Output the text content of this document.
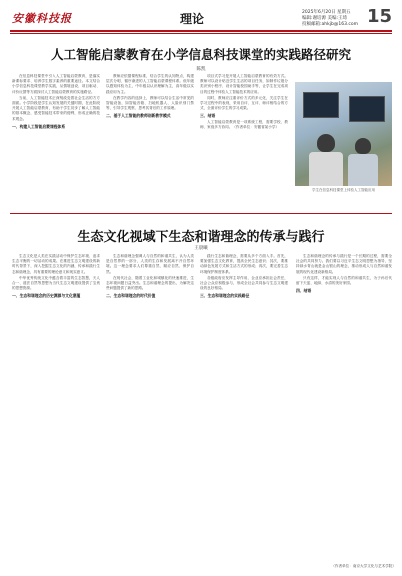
安徽科技报	理论	2025年6月20日 星期五
编辑:谢培源 美编:王琦
投稿邮箱:ahkjb@163.com 15
人工智能启蒙教育在小学信息科技课堂的实践路径研究
陈凯

在信息科技课堂中引入人工智能启蒙教育，是落实新课标要求、培养学生数字素养的重要途径。本文结合小学信息科技课堂教学实践，从情境创设、项目驱动、评价反馈等方面探讨人工智能启蒙教育的实施路径。

当前，人工智能技术正深刻改变着社会生活的方方面面。小学阶段是学生认知发展的关键时期，在此阶段开展人工智能启蒙教育，有助于学生初步了解人工智能的基本概念，感受智能技术带来的便利，形成正确的技术观念。

一、构建人工智能启蒙课程体系

教师应依据课程标准，结合学生的认知特点，构建层次分明、循序渐进的人工智能启蒙课程体系。低年级以感知体验为主，中年级以认识理解为主，高年级以实践应用为主。

在教学内容的选择上，教师可以结合生活中常见的智能设备，如智能音箱、扫地机器人、人脸识别门禁等，引导学生观察、思考其背后的工作原理。

二、基于人工智能的教师创新教学模式

项目式学习是开展人工智能启蒙教育的有效方式。教师可以设计贴近学生生活的项目任务，如制作垃圾分类识别小程序、设计智能校园助手等，让学生在完成项目的过程中体验人工智能技术的应用。

同时，教师应注重评价方式的多元化，关注学生在学习过程中的表现，采用自评、互评、师评相结合的方式，全面评价学生的学习成果。

三、结语

人工智能启蒙教育是一项系统工程，需要学校、教师、家庭多方协同。（作者单位：安徽省某小学）

学生在信息科技课堂上体验人工智能应用
生态文化视域下生态和谐理念的传承与践行
王晨曦

生态文化是人类在实践活动中保护生态环境、追求生态平衡的一切活动的成果。在推进生态文明建设的新时代背景下，深入挖掘生态文化的内涵，传承和践行生态和谐理念，具有重要的理论意义和现实意义。

中华优秀传统文化中蕴含着丰富的生态智慧，天人合一、道法自然等思想为当代生态文明建设提供了宝贵的思想资源。

一、生态和谐理念的历史渊源与文化意蕴

生态和谐理念强调人与自然的和谐共生，认为人类是自然界的一部分，人类的生存和发展离不开自然环境。这一理念要求人们尊重自然、顺应自然、保护自然。

在现代社会，随着工业化和城镇化的快速推进，生态环境问题日益突出。生态和谐理念的提出，为解决这些问题提供了新的思路。

二、生态和谐理念的时代价值

践行生态和谐理念，需要从多个方面入手。首先，要加强生态文化教育，提高全民生态意识；其次，要推动绿色发展方式和生活方式的形成；再次，要完善生态环境保护制度体系。

各级政府应发挥主导作用，企业应承担社会责任，社会公众应积极参与，形成全社会共同参与生态文明建设的良好格局。

三、生态和谐理念的实践路径

生态和谐理念的传承与践行是一个长期的过程，需要全社会的共同努力。我们要以习近平生态文明思想为指导，坚持绿水青山就是金山银山的理念，推动形成人与自然和谐发展的现代化建设新格局。

只有这样，才能实现人与自然的和谐共生，为子孙后代留下天蓝、地绿、水清的美好家园。

四、结语

（作者单位：南京大学文化与艺术学院）
